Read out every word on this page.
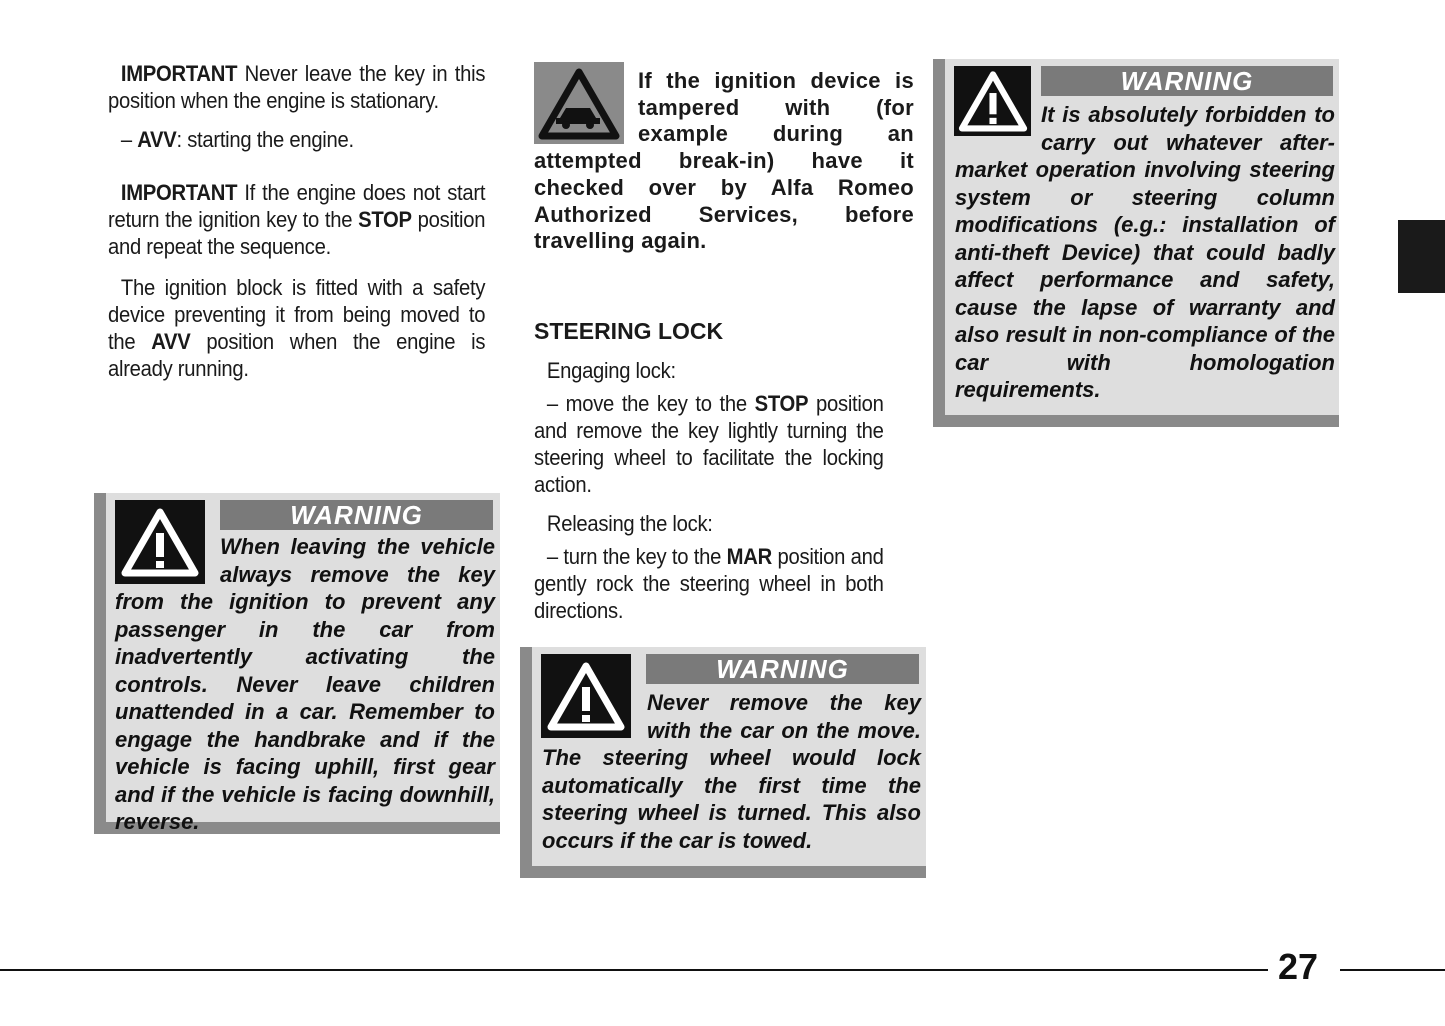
IMPORTANT Never leave the key in this position when the engine is stationary.

– AVV: starting the engine.

IMPORTANT If the engine does not start return the ignition key to the STOP position and repeat the sequence.

The ignition block is fitted with a safety device preventing it from being moved to the AVV position when the engine is already running.

WARNING
When leaving the vehicle always remove the key from the ignition to prevent any passenger in the car from inadvertently activating the controls. Never leave children unattended in a car. Remember to engage the handbrake and if the vehicle is facing uphill, first gear and if the vehicle is facing downhill, reverse.

If the ignition device is tampered with (for example during an attempted break-in) have it checked over by Alfa Romeo Authorized Services, before travelling again.

STEERING LOCK

Engaging lock:

– move the key to the STOP position and remove the key lightly turning the steering wheel to facilitate the locking action.

Releasing the lock:

– turn the key to the MAR position and gently rock the steering wheel in both directions.

WARNING
Never remove the key with the car on the move. The steering wheel would lock automatically the first time the steering wheel is turned. This also occurs if the car is towed.
WARNING
It is absolutely forbidden to carry out whatever after-market operation involving steering system or steering column modifications (e.g.: installation of anti-theft Device) that could badly affect performance and safety, cause the lapse of warranty and also result in non-compliance of the car with homologation requirements.
27
